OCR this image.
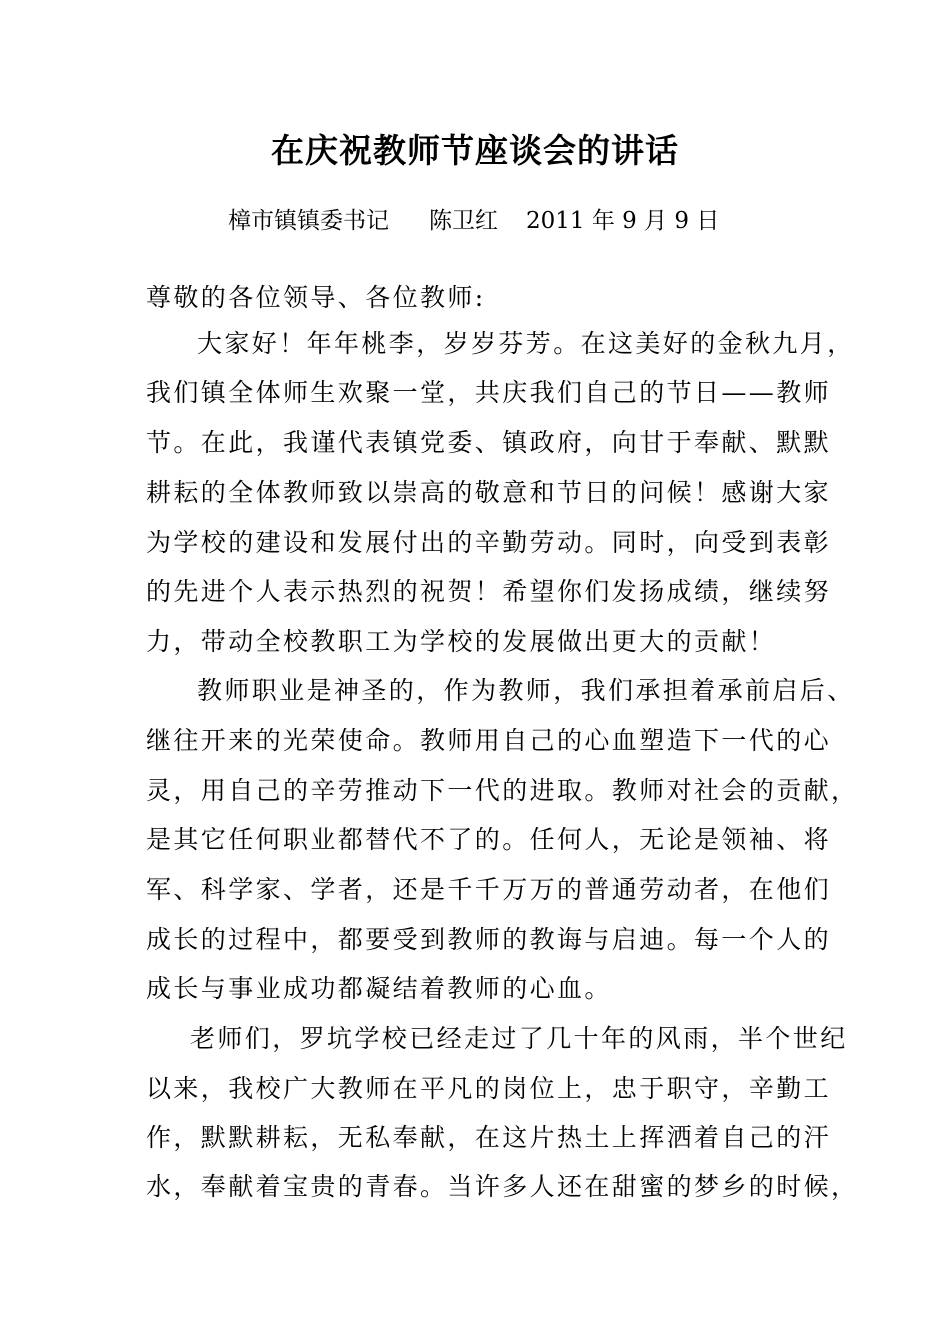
在庆祝教师节座谈会的讲话
樟市镇镇委书记 陈卫红 2011 年 9 月 9 日
尊敬的各位领导、各位教师:
大家好！年年桃李，岁岁芬芳。在这美好的金秋九月，
我们镇全体师生欢聚一堂，共庆我们自己的节日——教师
节。在此，我谨代表镇党委、镇政府，向甘于奉献、默默
耕耘的全体教师致以崇高的敬意和节日的问候！感谢大家
为学校的建设和发展付出的辛勤劳动。同时，向受到表彰
的先进个人表示热烈的祝贺！希望你们发扬成绩，继续努
力，带动全校教职工为学校的发展做出更大的贡献！
教师职业是神圣的，作为教师，我们承担着承前启后、
继往开来的光荣使命。教师用自己的心血塑造下一代的心
灵，用自己的辛劳推动下一代的进取。教师对社会的贡献，
是其它任何职业都替代不了的。任何人，无论是领袖、将
军、科学家、学者，还是千千万万的普通劳动者，在他们
成长的过程中，都要受到教师的教诲与启迪。每一个人的
成长与事业成功都凝结着教师的心血。
老师们，罗坑学校已经走过了几十年的风雨，半个世纪
以来，我校广大教师在平凡的岗位上，忠于职守，辛勤工
作，默默耕耘，无私奉献，在这片热土上挥洒着自己的汗
水，奉献着宝贵的青春。当许多人还在甜蜜的梦乡的时候，
